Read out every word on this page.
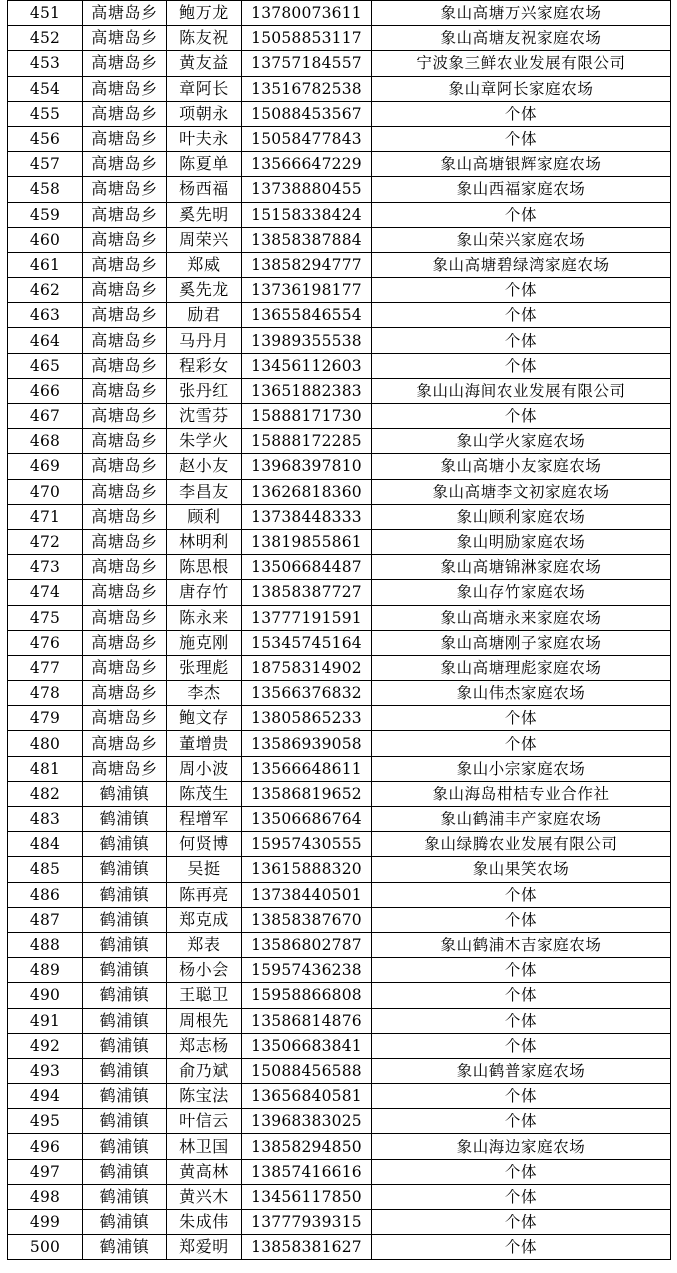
451	高塘岛乡	鲍万龙	13780073611	象山高塘万兴家庭农场
452	高塘岛乡	陈友祝	15058853117	象山高塘友祝家庭农场
453	高塘岛乡	黄友益	13757184557	宁波象三鲜农业发展有限公司
454	高塘岛乡	章阿长	13516782538	象山章阿长家庭农场
455	高塘岛乡	项朝永	15088453567	个体
456	高塘岛乡	叶夫永	15058477843	个体
457	高塘岛乡	陈夏单	13566647229	象山高塘银辉家庭农场
458	高塘岛乡	杨西福	13738880455	象山西福家庭农场
459	高塘岛乡	奚先明	15158338424	个体
460	高塘岛乡	周荣兴	13858387884	象山荣兴家庭农场
461	高塘岛乡	郑威	13858294777	象山高塘碧绿湾家庭农场
462	高塘岛乡	奚先龙	13736198177	个体
463	高塘岛乡	励君	13655846554	个体
464	高塘岛乡	马丹月	13989355538	个体
465	高塘岛乡	程彩女	13456112603	个体
466	高塘岛乡	张丹红	13651882383	象山山海间农业发展有限公司
467	高塘岛乡	沈雪芬	15888171730	个体
468	高塘岛乡	朱学火	15888172285	象山学火家庭农场
469	高塘岛乡	赵小友	13968397810	象山高塘小友家庭农场
470	高塘岛乡	李昌友	13626818360	象山高塘李文初家庭农场
471	高塘岛乡	顾利	13738448333	象山顾利家庭农场
472	高塘岛乡	林明利	13819855861	象山明励家庭农场
473	高塘岛乡	陈思根	13506684487	象山高塘锦淋家庭农场
474	高塘岛乡	唐存竹	13858387727	象山存竹家庭农场
475	高塘岛乡	陈永来	13777191591	象山高塘永来家庭农场
476	高塘岛乡	施克刚	15345745164	象山高塘刚子家庭农场
477	高塘岛乡	张理彪	18758314902	象山高塘理彪家庭农场
478	高塘岛乡	李杰	13566376832	象山伟杰家庭农场
479	高塘岛乡	鲍文存	13805865233	个体
480	高塘岛乡	董增贵	13586939058	个体
481	高塘岛乡	周小波	13566648611	象山小宗家庭农场
482	鹤浦镇	陈茂生	13586819652	象山海岛柑桔专业合作社
483	鹤浦镇	程增军	13506686764	象山鹤浦丰产家庭农场
484	鹤浦镇	何贤博	15957430555	象山绿腾农业发展有限公司
485	鹤浦镇	吴挺	13615888320	象山果笑农场
486	鹤浦镇	陈再亮	13738440501	个体
487	鹤浦镇	郑克成	13858387670	个体
488	鹤浦镇	郑表	13586802787	象山鹤浦木吉家庭农场
489	鹤浦镇	杨小会	15957436238	个体
490	鹤浦镇	王聪卫	15958866808	个体
491	鹤浦镇	周根先	13586814876	个体
492	鹤浦镇	郑志杨	13506683841	个体
493	鹤浦镇	俞乃斌	15088456588	象山鹤普家庭农场
494	鹤浦镇	陈宝法	13656840581	个体
495	鹤浦镇	叶信云	13968383025	个体
496	鹤浦镇	林卫国	13858294850	象山海边家庭农场
497	鹤浦镇	黄高林	13857416616	个体
498	鹤浦镇	黄兴木	13456117850	个体
499	鹤浦镇	朱成伟	13777939315	个体
500	鹤浦镇	郑爱明	13858381627	个体
